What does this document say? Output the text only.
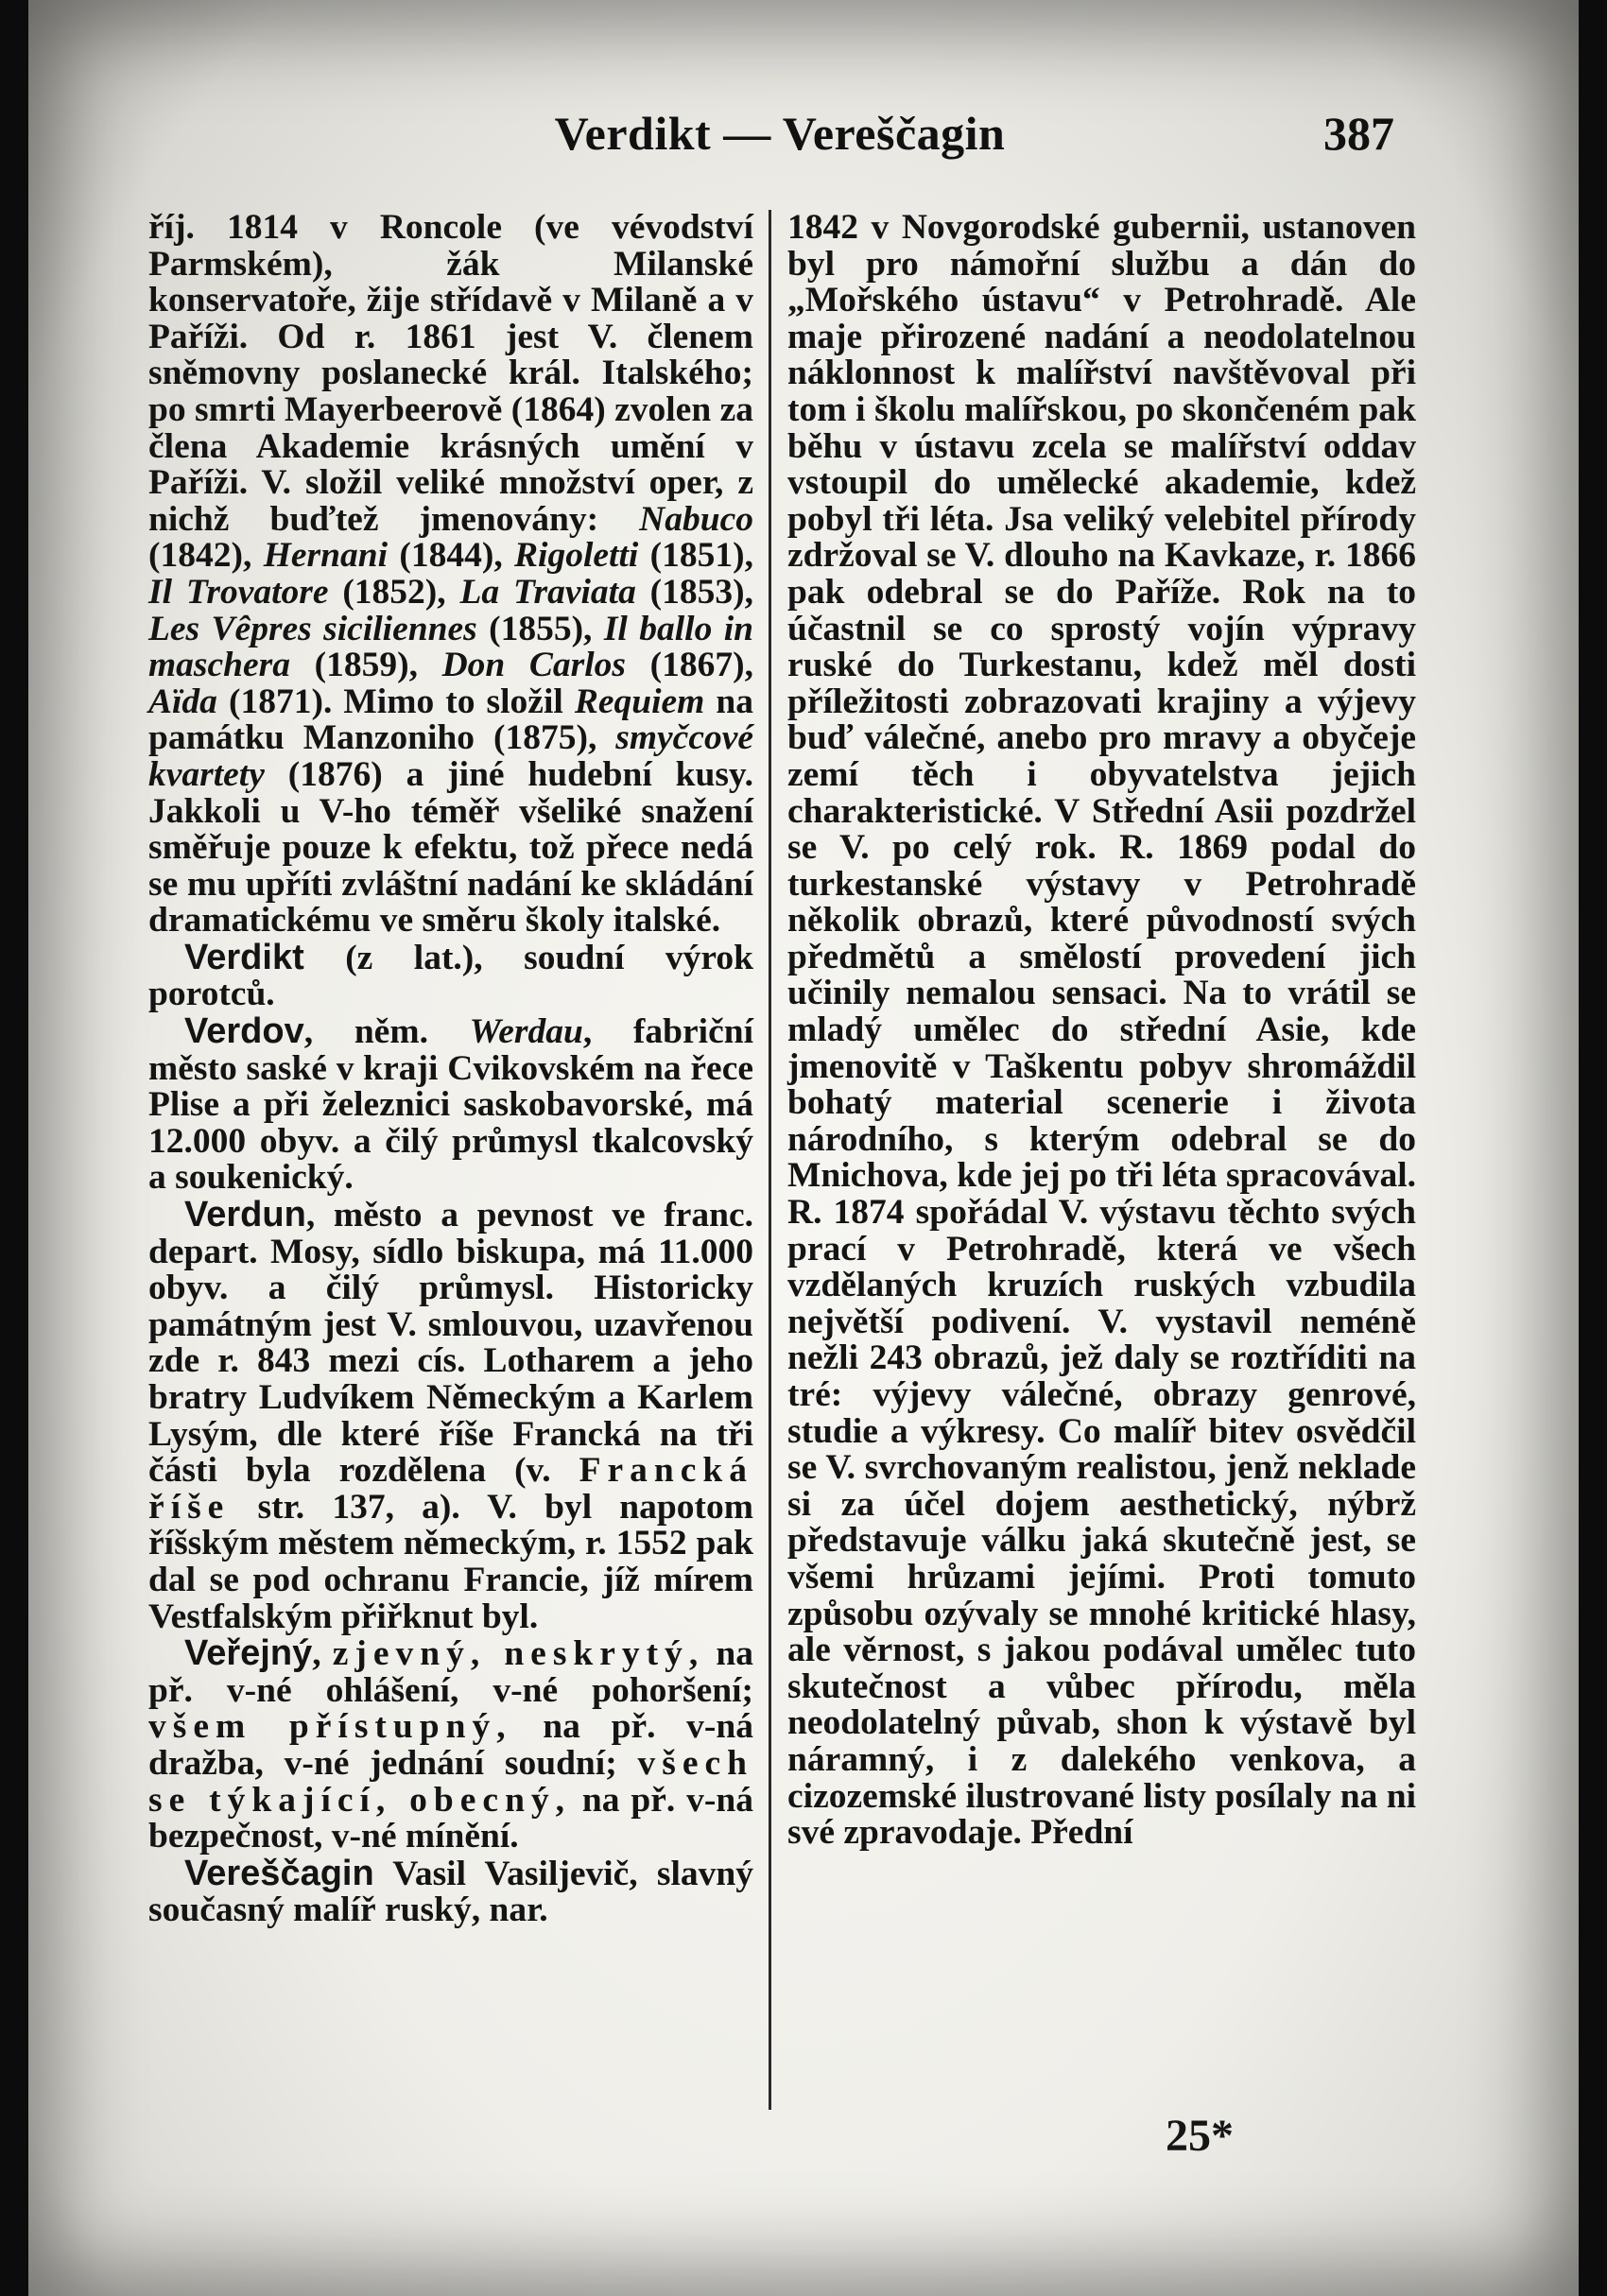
Verdikt — Vereščagin	387

říj. 1814 v Roncole (ve vévodství Parmském), žák Milanské konservatoře, žije střídavě v Milaně a v Paříži. Od r. 1861 jest V. členem sněmovny poslanecké král. Italského; po smrti Mayerbeerově (1864) zvolen za člena Akademie krásných umění v Paříži. V. složil veliké množství oper, z nichž buďtež jmenovány: Nabuco (1842), Hernani (1844), Rigoletti (1851), Il Trovatore (1852), La Traviata (1853), Les Vêpres siciliennes (1855), Il ballo in maschera (1859), Don Carlos (1867), Aïda (1871). Mimo to složil Requiem na památku Manzoniho (1875), smyčcové kvartety (1876) a jiné hudební kusy. Jakkoli u V-ho téměř všeliké snažení směřuje pouze k efektu, tož přece nedá se mu upříti zvláštní nadání ke skládání dramatickému ve směru školy italské.

Verdikt (z lat.), soudní výrok porotců.

Verdov, něm. Werdau, fabriční město saské v kraji Cvikovském na řece Plise a při železnici saskobavorské, má 12.000 obyv. a čilý průmysl tkalcovský a soukenický.

Verdun, město a pevnost ve franc. depart. Mosy, sídlo biskupa, má 11.000 obyv. a čilý průmysl. Historicky památným jest V. smlouvou, uzavřenou zde r. 843 mezi cís. Lotharem a jeho bratry Ludvíkem Německým a Karlem Lysým, dle které říše Francká na tři části byla rozdělena (v. Francká říše str. 137, a). V. byl napotom říšským městem německým, r. 1552 pak dal se pod ochranu Francie, jíž mírem Vestfalským přiřknut byl.

Veřejný, zjevný, neskrytý, na př. v-né ohlášení, v-né pohoršení; všem přístupný, na př. v-ná dražba, v-né jednání soudní; všech se týkající, obecný, na př. v-ná bezpečnost, v-né mínění.

Vereščagin Vasil Vasiljevič, slavný současný malíř ruský, nar.

1842 v Novgorodské gubernii, ustanoven byl pro námořní službu a dán do „Mořského ústavu“ v Petrohradě. Ale maje přirozené nadání a neodolatelnou náklonnost k malířství navštěvoval při tom i školu malířskou, po skončeném pak běhu v ústavu zcela se malířství oddav vstoupil do umělecké akademie, kdež pobyl tři léta. Jsa veliký velebitel přírody zdržoval se V. dlouho na Kavkaze, r. 1866 pak odebral se do Paříže. Rok na to účastnil se co sprostý vojín výpravy ruské do Turkestanu, kdež měl dosti příležitosti zobrazovati krajiny a výjevy buď válečné, anebo pro mravy a obyčeje zemí těch i obyvatelstva jejich charakteristické. V Střední Asii pozdržel se V. po celý rok. R. 1869 podal do turkestanské výstavy v Petrohradě několik obrazů, které původností svých předmětů a smělostí provedení jich učinily nemalou sensaci. Na to vrátil se mladý umělec do střední Asie, kde jmenovitě v Taškentu pobyv shromáždil bohatý material scenerie i života národního, s kterým odebral se do Mnichova, kde jej po tři léta spracovával. R. 1874 spořádal V. výstavu těchto svých prací v Petrohradě, která ve všech vzdělaných kruzích ruských vzbudila největší podivení. V. vystavil neméně nežli 243 obrazů, jež daly se roztříditi na tré: výjevy válečné, obrazy genrové, studie a výkresy. Co malíř bitev osvědčil se V. svrchovaným realistou, jenž neklade si za účel dojem aesthetický, nýbrž představuje válku jaká skutečně jest, se všemi hrůzami jejími. Proti tomuto způsobu ozývaly se mnohé kritické hlasy, ale věrnost, s jakou podával umělec tuto skutečnost a vůbec přírodu, měla neodolatelný půvab, shon k výstavě byl náramný, i z dalekého venkova, a cizozemské ilustrované listy posílaly na ni své zpravodaje. Přední

25*
